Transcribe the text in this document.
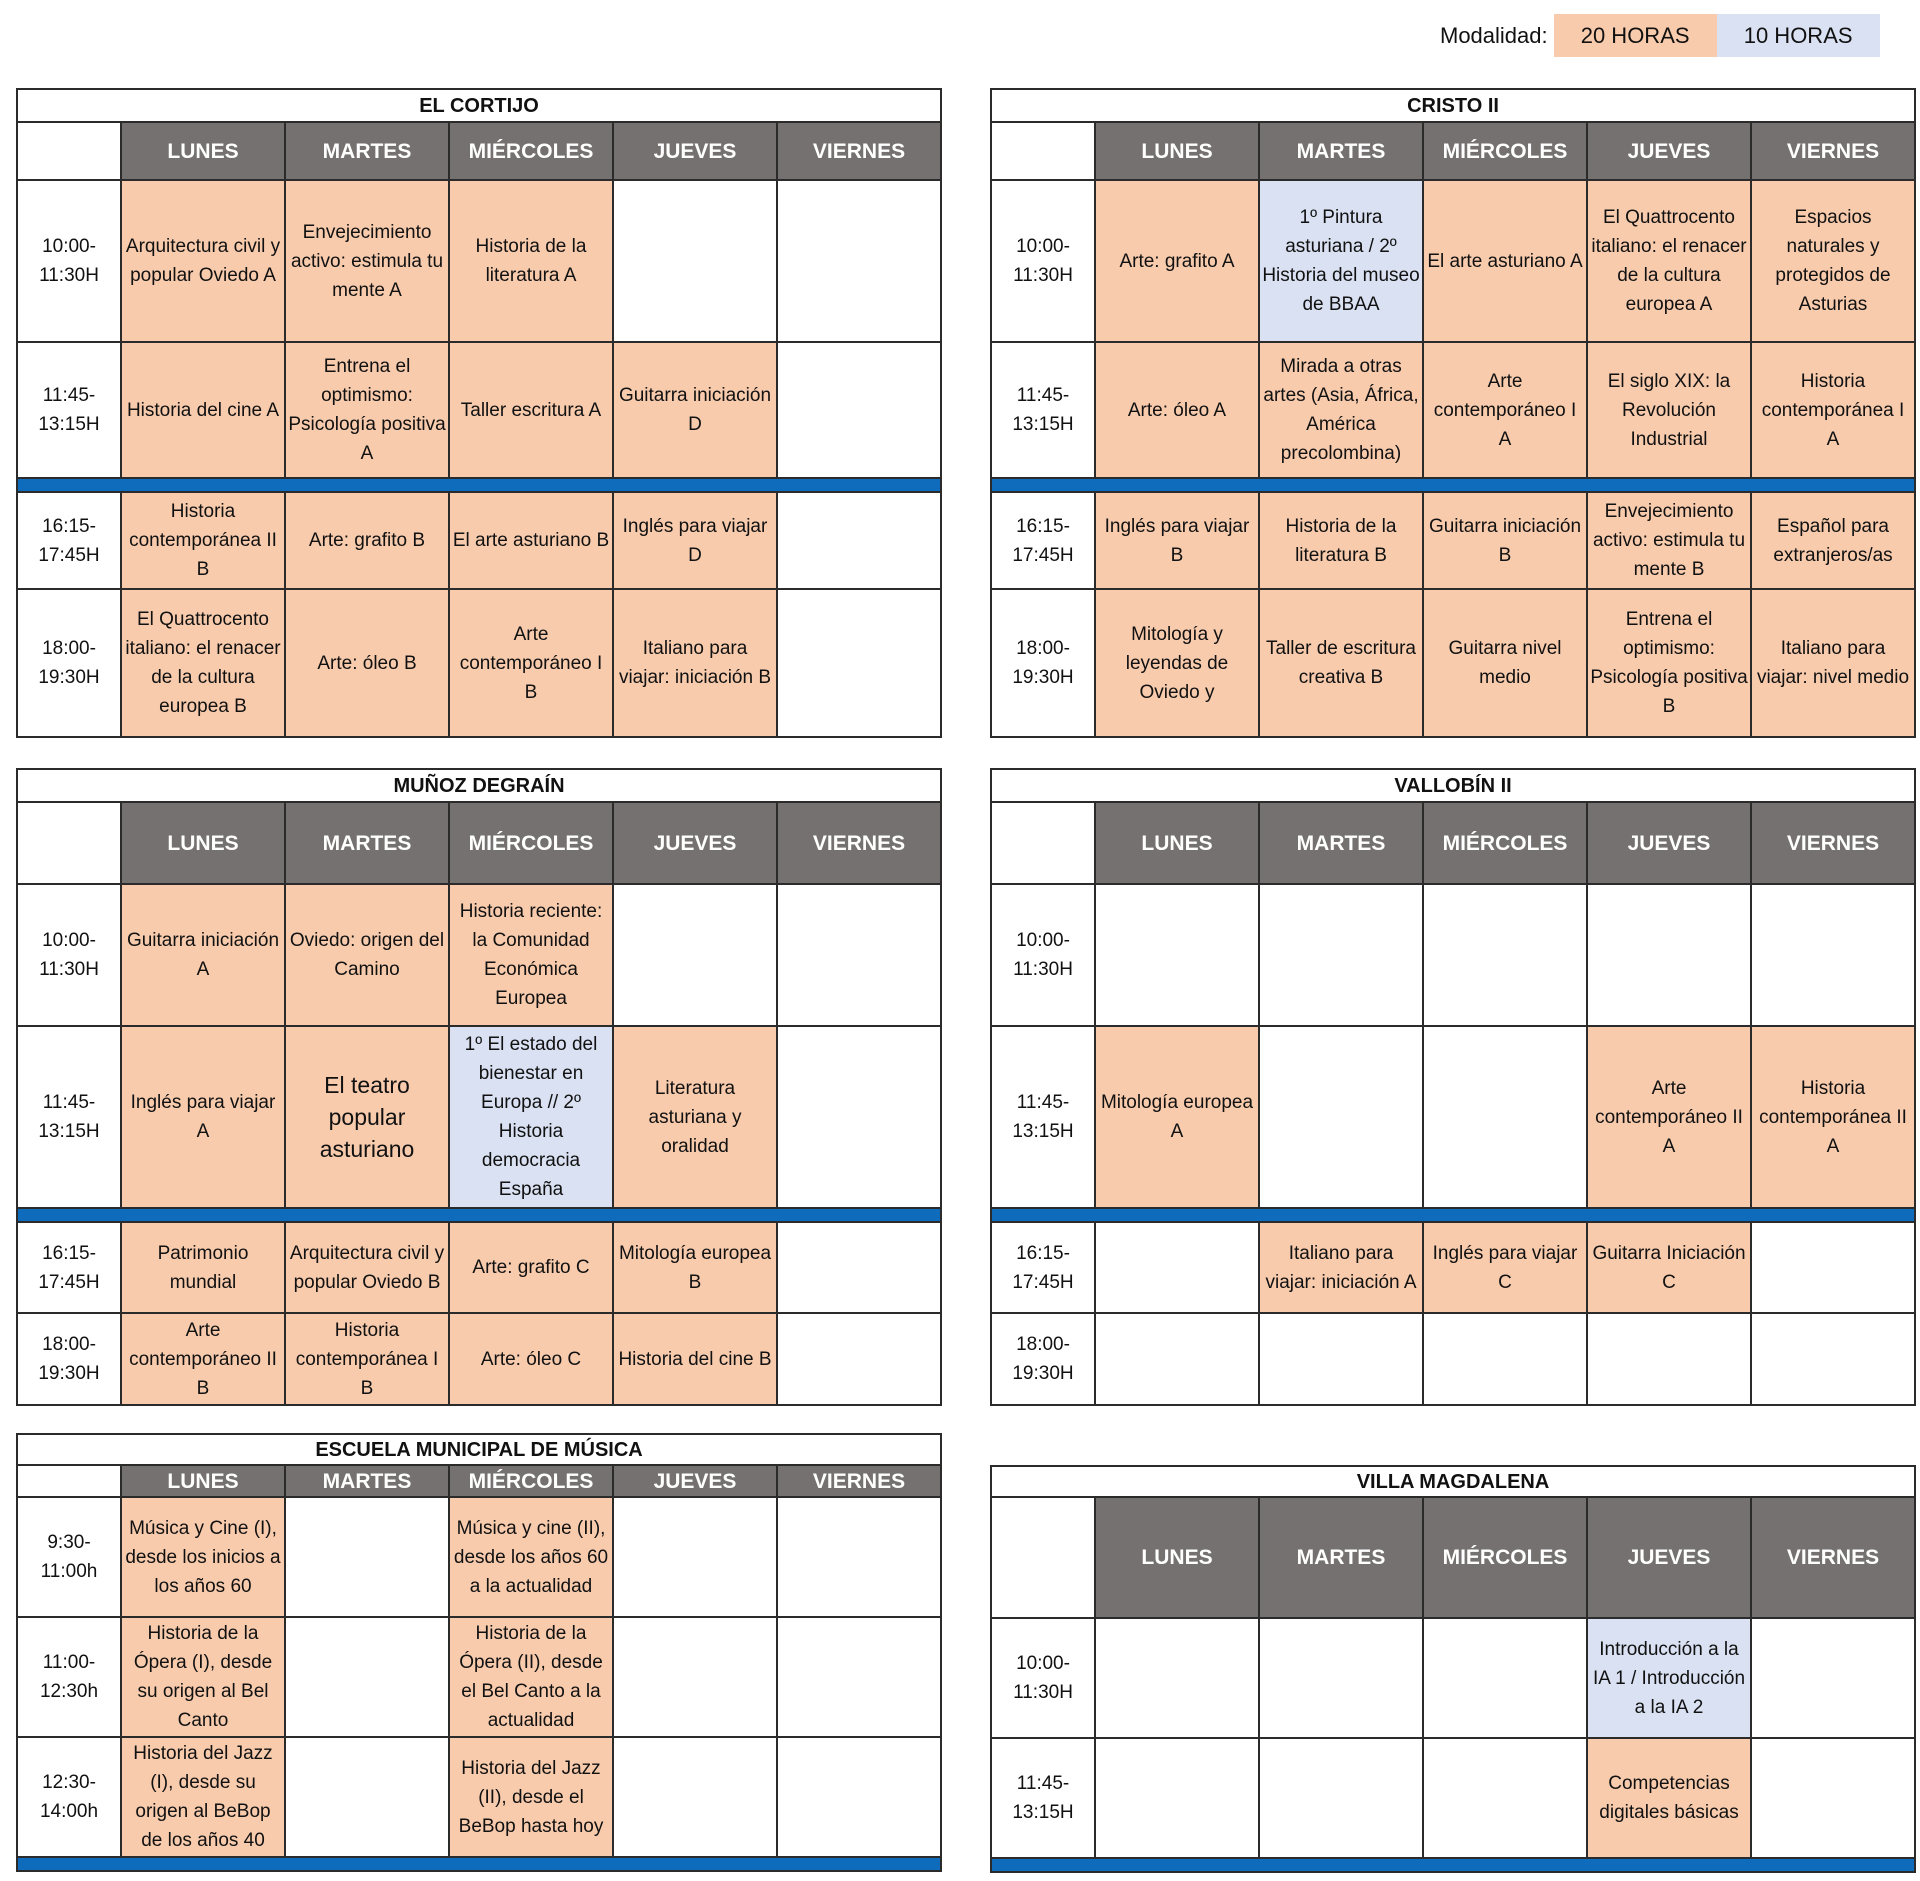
Modalidad:	20 HORAS	10 HORAS
EL CORTIJO					
	LUNES	MARTES	MIÉRCOLES	JUEVES	VIERNES
10:00-
11:30H	Arquitectura civil y popular Oviedo A	Envejecimiento activo: estimula tu mente A	Historia de la literatura A		
11:45-
13:15H	Historia del cine A	Entrena el optimismo: Psicología positiva A	Taller escritura A	Guitarra iniciación D	

16:15-
17:45H	Historia contemporánea II B	Arte: grafito B	El arte asturiano B	Inglés para viajar D	
18:00-
19:30H	El Quattrocento italiano: el renacer de la cultura europea B	Arte: óleo B	Arte contemporáneo I B	Italiano para viajar: iniciación B	
CRISTO II					
	LUNES	MARTES	MIÉRCOLES	JUEVES	VIERNES
10:00-
11:30H	Arte: grafito A	1º Pintura asturiana / 2º Historia del museo de BBAA	El arte asturiano A	El Quattrocento italiano: el renacer de la cultura europea A	Espacios naturales y protegidos de Asturias
11:45-
13:15H	Arte: óleo A	Mirada a otras artes (Asia, África, América precolombina)	Arte contemporáneo I A	El siglo XIX: la Revolución Industrial	Historia contemporánea I A

16:15-
17:45H	Inglés para viajar B	Historia de la literatura B	Guitarra iniciación B	Envejecimiento activo: estimula tu mente B	Español para extranjeros/as
18:00-
19:30H	Mitología y leyendas de Oviedo y	Taller de escritura creativa B	Guitarra nivel medio	Entrena el optimismo: Psicología positiva B	Italiano para viajar: nivel medio
MUÑOZ DEGRAÍN					
	LUNES	MARTES	MIÉRCOLES	JUEVES	VIERNES
10:00-
11:30H	Guitarra iniciación A	Oviedo: origen del Camino	Historia reciente: la Comunidad Económica Europea		
11:45-
13:15H	Inglés para viajar A	El teatro popular asturiano	1º El estado del bienestar en Europa // 2º Historia democracia España	Literatura asturiana y oralidad	

16:15-
17:45H	Patrimonio mundial	Arquitectura civil y popular Oviedo B	Arte: grafito C	Mitología europea B	
18:00-
19:30H	Arte contemporáneo II B	Historia contemporánea I B	Arte: óleo C	Historia del cine B	
VALLOBÍN II					
	LUNES	MARTES	MIÉRCOLES	JUEVES	VIERNES
10:00-
11:30H					
11:45-
13:15H	Mitología europea A			Arte contemporáneo II A	Historia contemporánea II A

16:15-
17:45H		Italiano para viajar: iniciación A	Inglés para viajar C	Guitarra Iniciación C	
18:00-
19:30H					
ESCUELA MUNICIPAL DE MÚSICA					
	LUNES	MARTES	MIÉRCOLES	JUEVES	VIERNES
9:30-
11:00h	Música y Cine (I), desde los inicios a los años 60		Música y cine (II), desde los años 60 a la actualidad		
11:00-
12:30h	Historia de la Ópera (I), desde su origen al Bel Canto		Historia de la Ópera (II), desde el Bel Canto a la actualidad		
12:30-
14:00h	Historia del Jazz (I), desde su origen al BeBop de los años 40		Historia del Jazz (II), desde el BeBop hasta hoy		

VILLA MAGDALENA					
	LUNES	MARTES	MIÉRCOLES	JUEVES	VIERNES
10:00-
11:30H				Introducción a la IA 1 / Introducción a la IA 2	
11:45-
13:15H				Competencias digitales básicas	
